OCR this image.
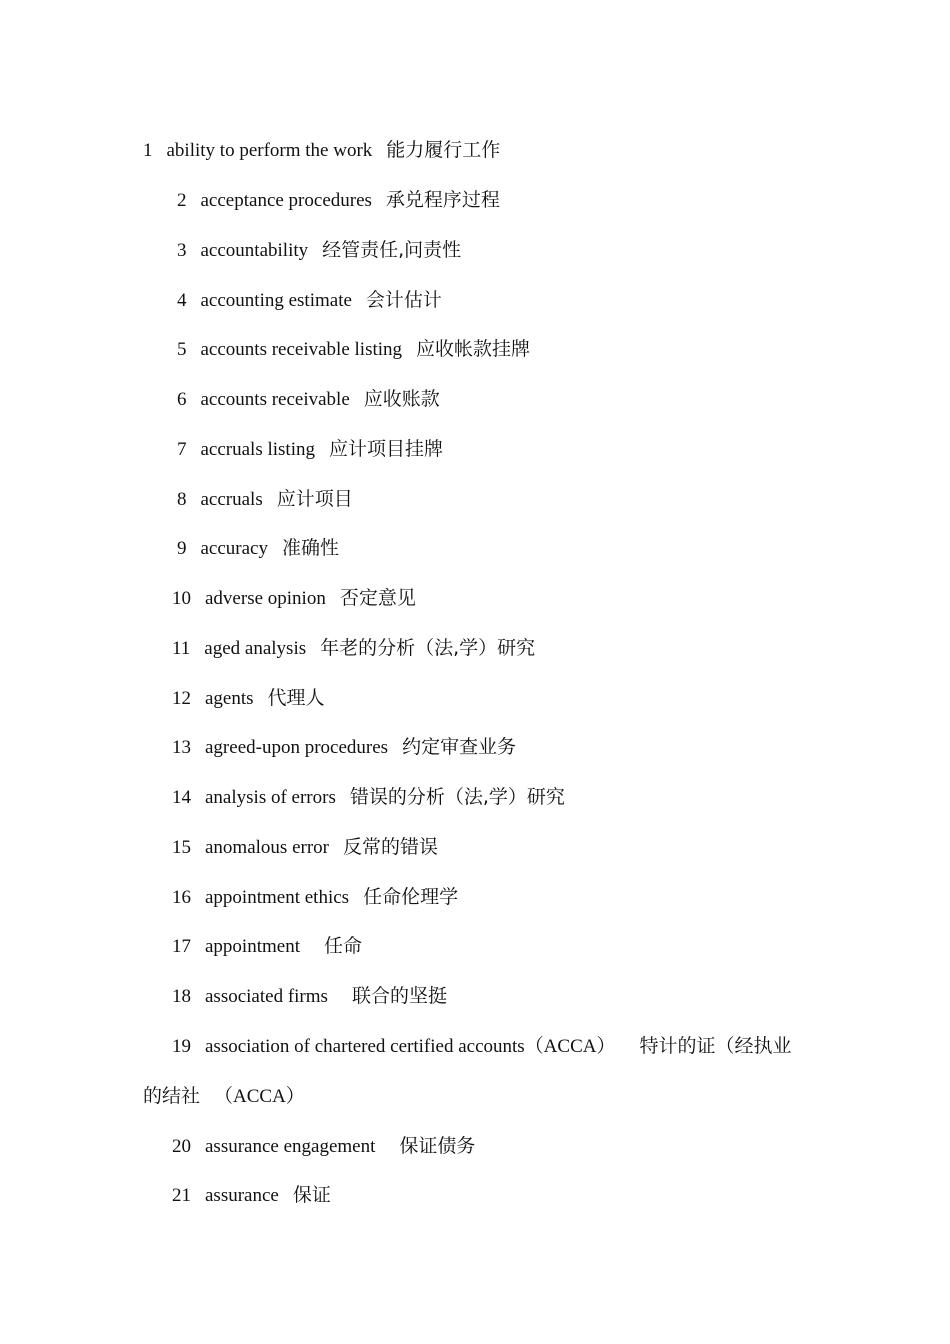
1 ability to perform the work 能力履行工作
2 acceptance procedures 承兑程序过程
3 accountability 经管责任,问责性
4 accounting estimate 会计估计
5 accounts receivable listing 应收帐款挂牌
6 accounts receivable 应收账款
7 accruals listing 应计项目挂牌
8 accruals 应计项目
9 accuracy 准确性
10 adverse opinion 否定意见
11 aged analysis 年老的分析（法,学）研究
12 agents 代理人
13 agreed-upon procedures 约定审查业务
14 analysis of errors 错误的分析（法,学）研究
15 anomalous error 反常的错误
16 appointment ethics 任命伦理学
17 appointment 任命
18 associated firms 联合的坚挺
19 association of chartered certified accounts（ACCA） 特计的证（经执业
的结社 （ACCA）
20 assurance engagement 保证债务
21 assurance 保证
